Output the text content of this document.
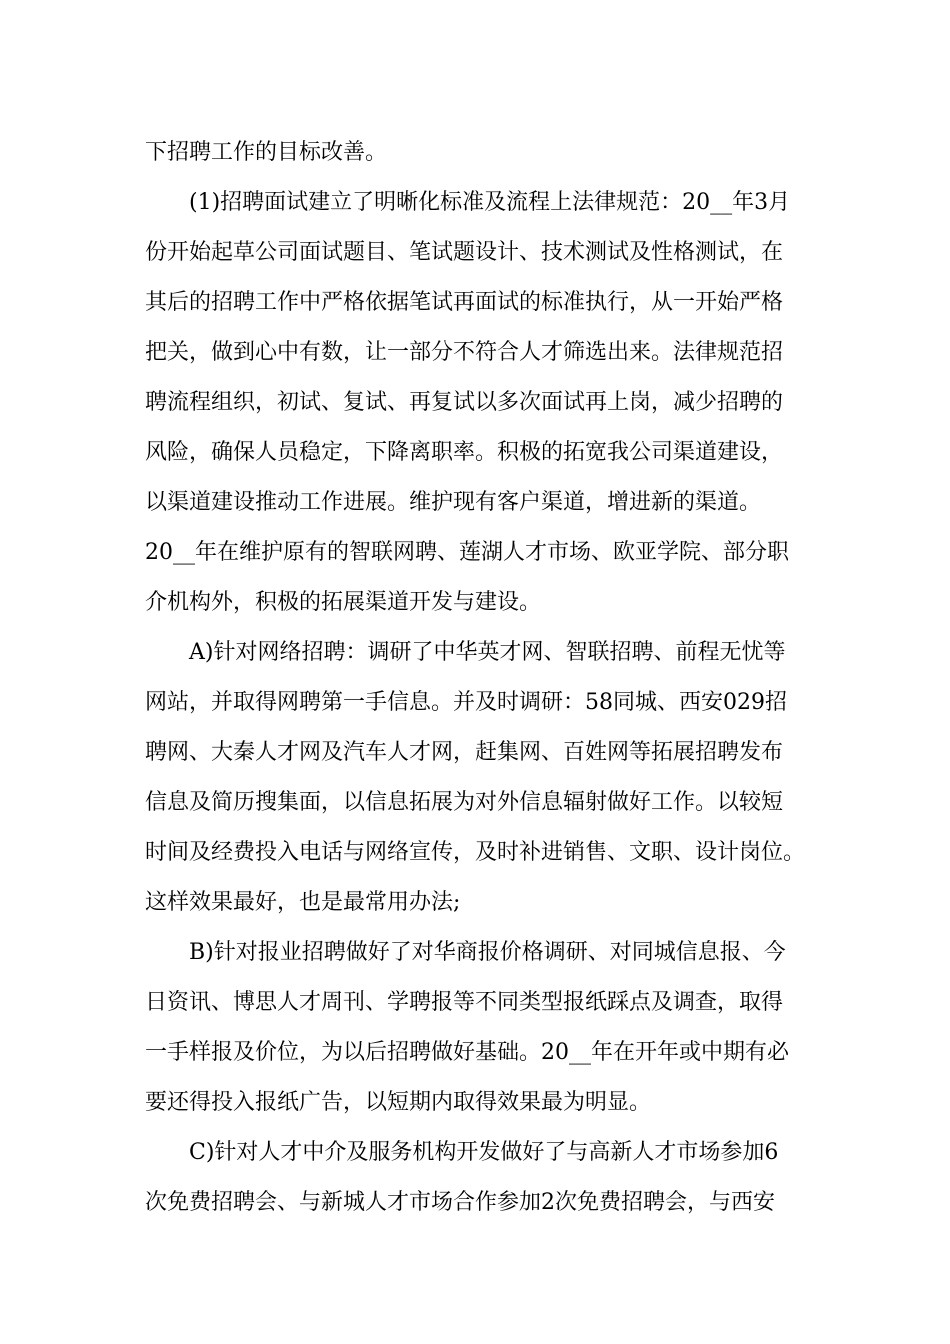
下招聘工作的目标改善。
(1)招聘面试建立了明晰化标准及流程上法律规范：20__年3月
份开始起草公司面试题目、笔试题设计、技术测试及性格测试，在
其后的招聘工作中严格依据笔试再面试的标准执行，从一开始严格
把关，做到心中有数，让一部分不符合人才筛选出来。法律规范招
聘流程组织，初试、复试、再复试以多次面试再上岗，减少招聘的
风险，确保人员稳定，下降离职率。积极的拓宽我公司渠道建设，
以渠道建设推动工作进展。维护现有客户渠道，增进新的渠道。
20__年在维护原有的智联网聘、莲湖人才市场、欧亚学院、部分职
介机构外，积极的拓展渠道开发与建设。
A)针对网络招聘：调研了中华英才网、智联招聘、前程无忧等
网站，并取得网聘第一手信息。并及时调研：58同城、西安029招
聘网、大秦人才网及汽车人才网，赶集网、百姓网等拓展招聘发布
信息及简历搜集面，以信息拓展为对外信息辐射做好工作。以较短
时间及经费投入电话与网络宣传，及时补进销售、文职、设计岗位。
这样效果最好，也是最常用办法;
B)针对报业招聘做好了对华商报价格调研、对同城信息报、今
日资讯、博思人才周刊、学聘报等不同类型报纸踩点及调查，取得
一手样报及价位，为以后招聘做好基础。20__年在开年或中期有必
要还得投入报纸广告，以短期内取得效果最为明显。
C)针对人才中介及服务机构开发做好了与高新人才市场参加6
次免费招聘会、与新城人才市场合作参加2次免费招聘会，与西安
